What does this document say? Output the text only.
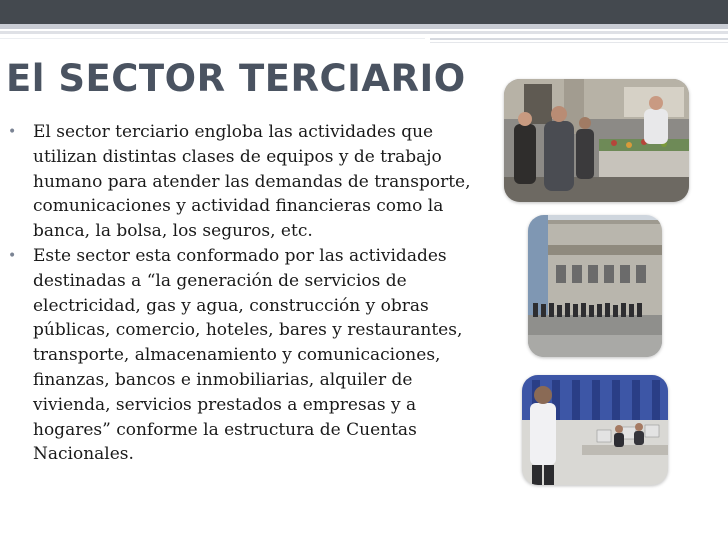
El SECTOR TERCIARIO
• El sector terciario engloba las actividades que utilizan distintas clases de equipos y de trabajo humano para atender las demandas de transporte, comunicaciones y actividad financieras como la banca, la bolsa, los seguros, etc.
• Este sector esta conformado por las actividades destinadas a “la generación de servicios de electricidad, gas y agua, construcción y obras públicas, comercio, hoteles, bares y restaurantes, transporte, almacenamiento y comunicaciones, finanzas, bancos e inmobiliarias, alquiler de vivienda, servicios prestados a empresas y a hogares” conforme la estructura de Cuentas Nacionales.
